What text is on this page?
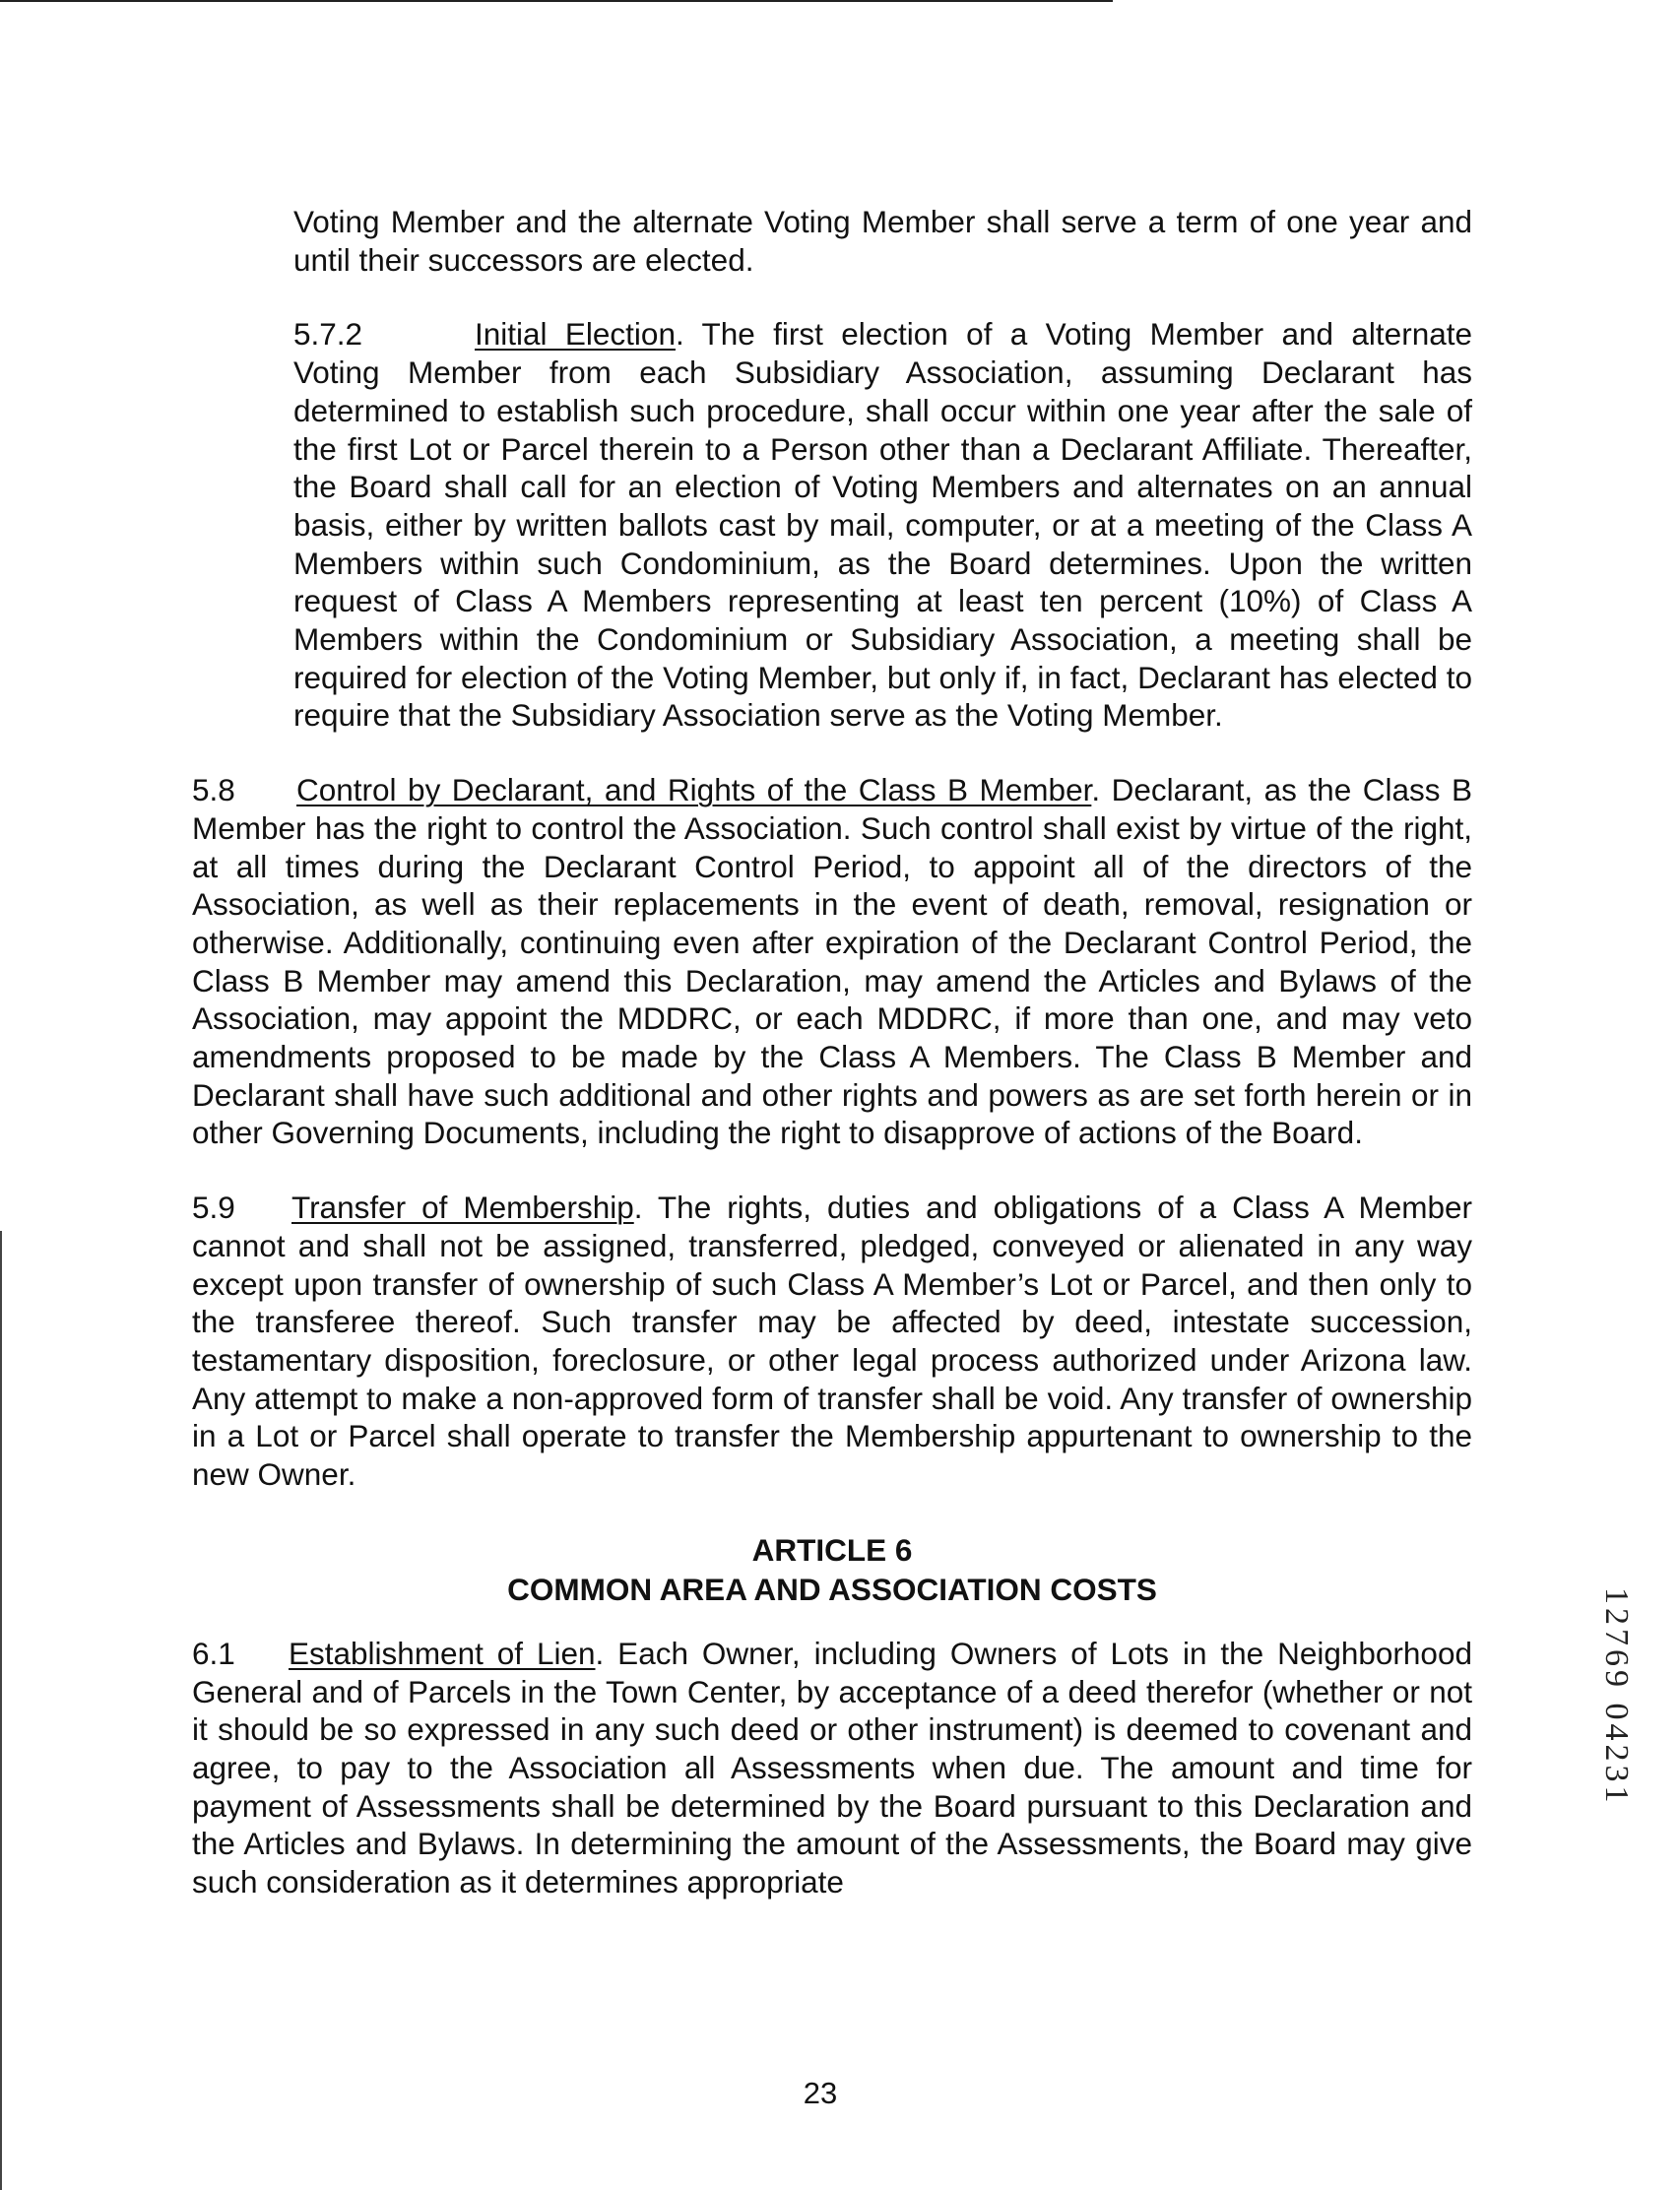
Voting Member and the alternate Voting Member shall serve a term of one year and until their successors are elected.

5.7.2	Initial Election. The first election of a Voting Member and alternate Voting Member from each Subsidiary Association, assuming Declarant has determined to establish such procedure, shall occur within one year after the sale of the first Lot or Parcel therein to a Person other than a Declarant Affiliate. Thereafter, the Board shall call for an election of Voting Members and alternates on an annual basis, either by written ballots cast by mail, computer, or at a meeting of the Class A Members within such Condominium, as the Board determines. Upon the written request of Class A Members representing at least ten percent (10%) of Class A Members within the Condominium or Subsidiary Association, a meeting shall be required for election of the Voting Member, but only if, in fact, Declarant has elected to require that the Subsidiary Association serve as the Voting Member.

5.8 Control by Declarant, and Rights of the Class B Member. Declarant, as the Class B Member has the right to control the Association. Such control shall exist by virtue of the right, at all times during the Declarant Control Period, to appoint all of the directors of the Association, as well as their replacements in the event of death, removal, resignation or otherwise. Additionally, continuing even after expiration of the Declarant Control Period, the Class B Member may amend this Declaration, may amend the Articles and Bylaws of the Association, may appoint the MDDRC, or each MDDRC, if more than one, and may veto amendments proposed to be made by the Class A Members. The Class B Member and Declarant shall have such additional and other rights and powers as are set forth herein or in other Governing Documents, including the right to disapprove of actions of the Board.

5.9 Transfer of Membership. The rights, duties and obligations of a Class A Member cannot and shall not be assigned, transferred, pledged, conveyed or alienated in any way except upon transfer of ownership of such Class A Member’s Lot or Parcel, and then only to the transferee thereof. Such transfer may be affected by deed, intestate succession, testamentary disposition, foreclosure, or other legal process authorized under Arizona law. Any attempt to make a non-approved form of transfer shall be void. Any transfer of ownership in a Lot or Parcel shall operate to transfer the Membership appurtenant to ownership to the new Owner.

ARTICLE 6
COMMON AREA AND ASSOCIATION COSTS

6.1 Establishment of Lien. Each Owner, including Owners of Lots in the Neighborhood General and of Parcels in the Town Center, by acceptance of a deed therefor (whether or not it should be so expressed in any such deed or other instrument) is deemed to covenant and agree, to pay to the Association all Assessments when due. The amount and time for payment of Assessments shall be determined by the Board pursuant to this Declaration and the Articles and Bylaws. In determining the amount of the Assessments, the Board may give such consideration as it determines appropriate

23
12769 04231
